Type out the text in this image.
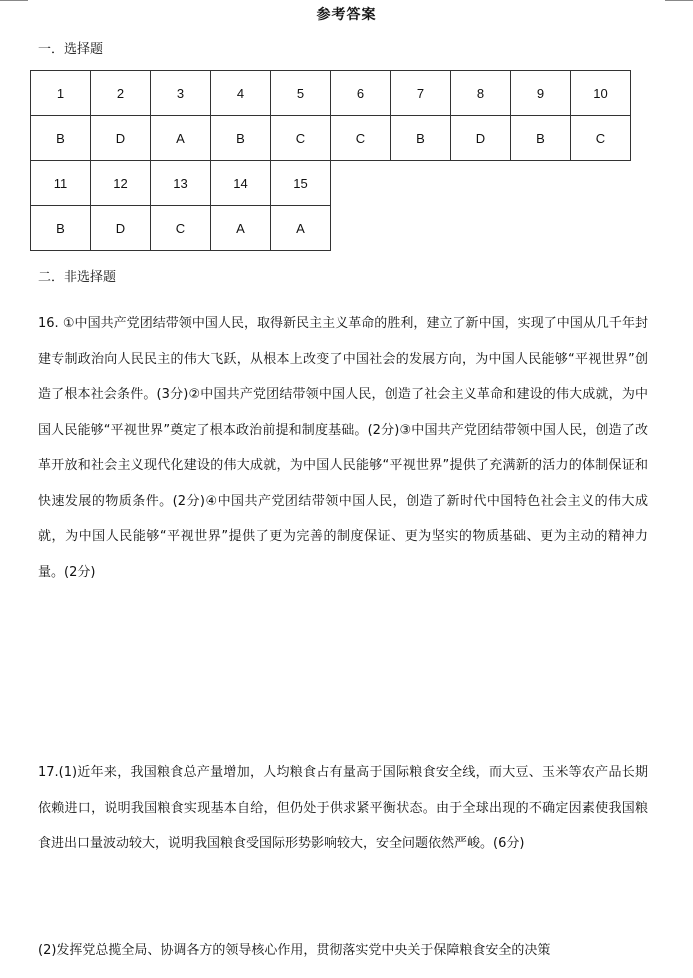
参考答案
一．选择题
1	2	3	4	5	6	7	8	9	10
B	D	A	B	C	C	B	D	B	C
11	12	13	14	15					
B	D	C	A	A					
二．非选择题
16. ①中国共产党团结带领中国人民，取得新民主主义革命的胜利，建立了新中国，实现了中国从几千年封建专制政治向人民民主的伟大飞跃，从根本上改变了中国社会的发展方向，为中国人民能够“平视世界”创造了根本社会条件。(3分)②中国共产党团结带领中国人民，创造了社会主义革命和建设的伟大成就，为中国人民能够“平视世界”奠定了根本政治前提和制度基础。(2分)③中国共产党团结带领中国人民，创造了改革开放和社会主义现代化建设的伟大成就，为中国人民能够“平视世界”提供了充满新的活力的体制保证和快速发展的物质条件。(2分)④中国共产党团结带领中国人民，创造了新时代中国特色社会主义的伟大成就，为中国人民能够“平视世界”提供了更为完善的制度保证、更为坚实的物质基础、更为主动的精神力量。(2分)
17.(1)近年来，我国粮食总产量增加，人均粮食占有量高于国际粮食安全线，而大豆、玉米等农产品长期依赖进口，说明我国粮食实现基本自给，但仍处于供求紧平衡状态。由于全球出现的不确定因素使我国粮食进出口量波动较大，说明我国粮食受国际形势影响较大，安全问题依然严峻。(6分)
(2)发挥党总揽全局、协调各方的领导核心作用，贯彻落实党中央关于保障粮食安全的决策
